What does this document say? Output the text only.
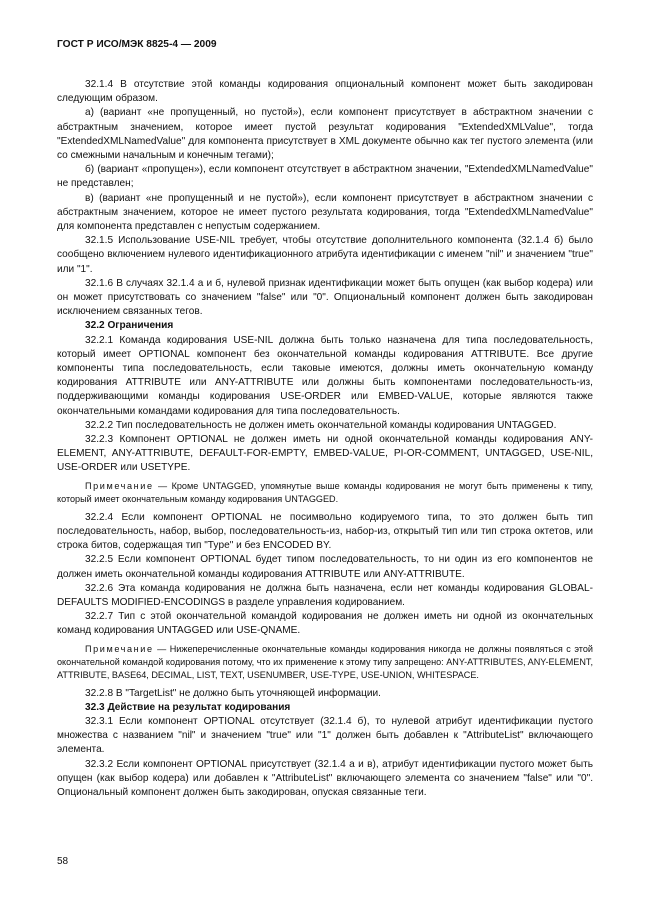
ГОСТ Р ИСО/МЭК 8825-4 — 2009

32.1.4 В отсутствие этой команды кодирования опциональный компонент может быть закодирован следующим образом.

а) (вариант «не пропущенный, но пустой»), если компонент присутствует в абстрактном значении с абстрактным значением, которое имеет пустой результат кодирования "ExtendedXMLValue", тогда "ExtendedXMLNamedValue" для компонента присутствует в XML документе обычно как тег пустого элемента (или со смежными начальным и конечным тегами);

б) (вариант «пропущен»), если компонент отсутствует в абстрактном значении, "ExtendedXMLNamedValue" не представлен;

в) (вариант «не пропущенный и не пустой»), если компонент присутствует в абстрактном значении с абстрактным значением, которое не имеет пустого результата кодирования, тогда "ExtendedXMLNamedValue" для компонента представлен с непустым содержанием.

32.1.5 Использование USE-NIL требует, чтобы отсутствие дополнительного компонента (32.1.4 б) было сообщено включением нулевого идентификационного атрибута идентификации с именем "nil" и значением "true" или "1".

32.1.6 В случаях 32.1.4 а и б, нулевой признак идентификации может быть опущен (как выбор кодера) или он может присутствовать со значением "false" или "0". Опциональный компонент должен быть закодирован исключением связанных тегов.

32.2 Ограничения

32.2.1 Команда кодирования USE-NIL должна быть только назначена для типа последовательность, который имеет OPTIONAL компонент без окончательной команды кодирования ATTRIBUTE. Все другие компоненты типа последовательность, если таковые имеются, должны иметь окончательную команду кодирования ATTRIBUTE или ANY-ATTRIBUTE или должны быть компонентами последовательность-из, поддерживающими команды кодирования USE-ORDER или EMBED-VALUE, которые являются также окончательными командами кодирования для типа последовательность.

32.2.2 Тип последовательность не должен иметь окончательной команды кодирования UNTAGGED.

32.2.3 Компонент OPTIONAL не должен иметь ни одной окончательной команды кодирования ANY-ELEMENT, ANY-ATTRIBUTE, DEFAULT-FOR-EMPTY, EMBED-VALUE, PI-OR-COMMENT, UNTAGGED, USE-NIL, USE-ORDER или USETYPE.

Примечание — Кроме UNTAGGED, упомянутые выше команды кодирования не могут быть применены к типу, который имеет окончательным команду кодирования UNTAGGED.

32.2.4 Если компонент OPTIONAL не посимвольно кодируемого типа, то это должен быть тип последовательность, набор, выбор, последовательность-из, набор-из, открытый тип или тип строка октетов, или строка битов, содержащая тип "Type" и без ENCODED BY.

32.2.5 Если компонент OPTIONAL будет типом последовательность, то ни один из его компонентов не должен иметь окончательной команды кодирования ATTRIBUTE или ANY-ATTRIBUTE.

32.2.6 Эта команда кодирования не должна быть назначена, если нет команды кодирования GLOBAL-DEFAULTS MODIFIED-ENCODINGS в разделе управления кодированием.

32.2.7 Тип с этой окончательной командой кодирования не должен иметь ни одной из окончательных команд кодирования UNTAGGED или USE-QNAME.

Примечание — Нижеперечисленные окончательные команды кодирования никогда не должны появляться с этой окончательной командой кодирования потому, что их применение к этому типу запрещено: ANY-ATTRIBUTES, ANY-ELEMENT, ATTRIBUTE, BASE64, DECIMAL, LIST, TEXT, USENUMBER, USE-TYPE, USE-UNION, WHITESPACE.

32.2.8 В "TargetList" не должно быть уточняющей информации.

32.3 Действие на результат кодирования

32.3.1 Если компонент OPTIONAL отсутствует (32.1.4 б), то нулевой атрибут идентификации пустого множества с названием "nil" и значением "true" или "1" должен быть добавлен к "AttributeList" включающего элемента.

32.3.2 Если компонент OPTIONAL присутствует (32.1.4 а и в), атрибут идентификации пустого может быть опущен (как выбор кодера) или добавлен к "AttributeList" включающего элемента со значением "false" или "0". Опциональный компонент должен быть закодирован, опуская связанные теги.

58
